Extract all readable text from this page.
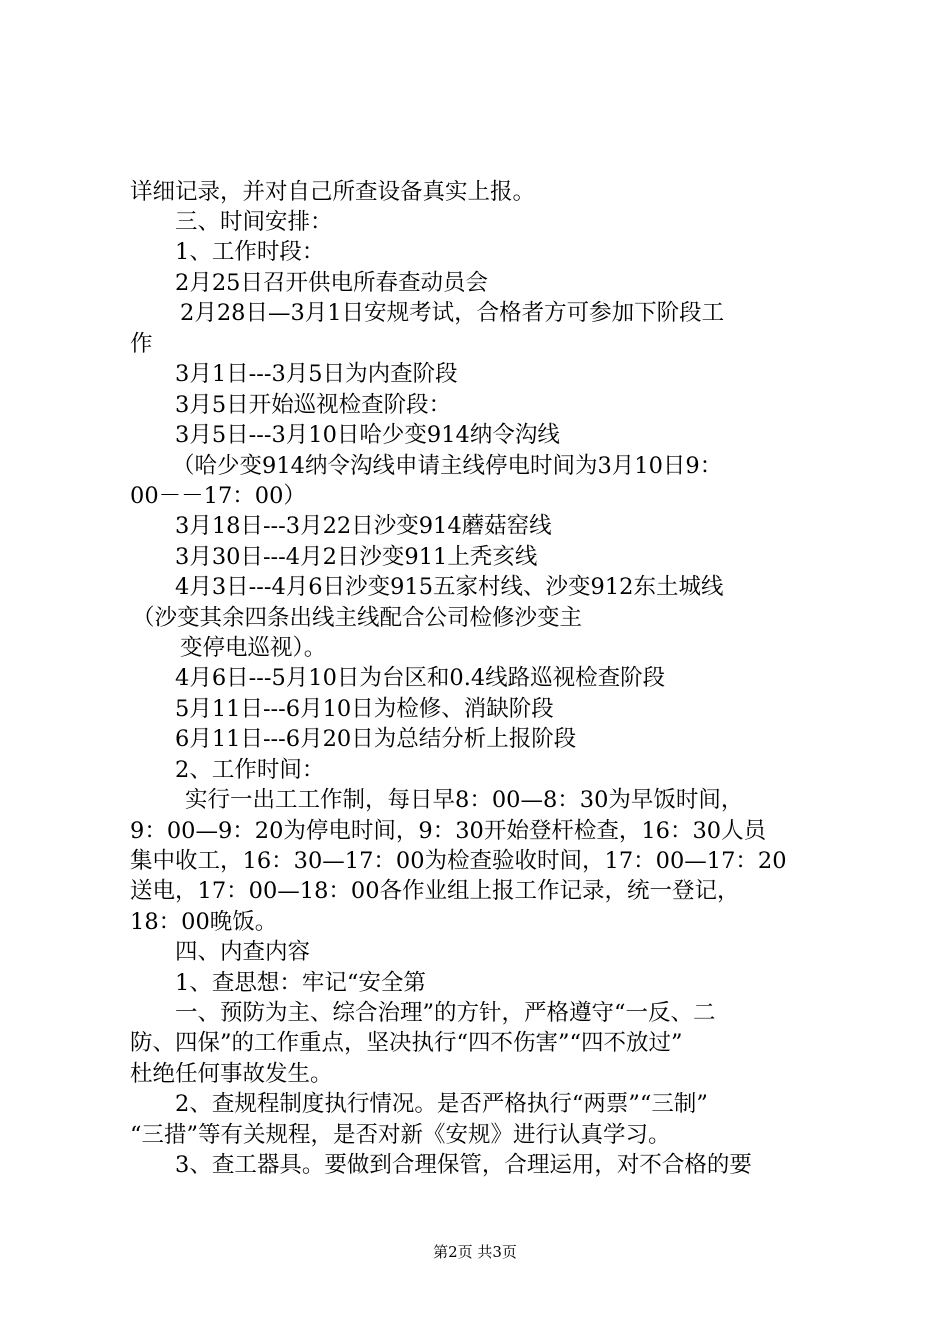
详细记录，并对自己所查设备真实上报。
三、时间安排：
1、工作时段：
2月25日召开供电所春查动员会
2月28日—3月1日安规考试，合格者方可参加下阶段工
作
3月1日---3月5日为内查阶段
3月5日开始巡视检查阶段：
3月5日---3月10日哈少变914纳令沟线
（哈少变914纳令沟线申请主线停电时间为3月10日9：
00－－17：00）
3月18日---3月22日沙变914蘑菇窑线
3月30日---4月2日沙变911上秃亥线
4月3日---4月6日沙变915五家村线、沙变912东土城线
（沙变其余四条出线主线配合公司检修沙变主
变停电巡视）。
4月6日---5月10日为台区和0.4线路巡视检查阶段
5月11日---6月10日为检修、消缺阶段
6月11日---6月20日为总结分析上报阶段
2、工作时间：
实行一出工工作制，每日早8：00—8：30为早饭时间，
9：00—9：20为停电时间，9：30开始登杆检查，16：30人员
集中收工，16：30—17：00为检查验收时间，17：00—17：20
送电，17：00—18：00各作业组上报工作记录，统一登记，
18：00晚饭。
四、内查内容
1、查思想：牢记“安全第
一、预防为主、综合治理”的方针，严格遵守“一反、二
防、四保”的工作重点，坚决执行“四不伤害”“四不放过”
杜绝任何事故发生。
2、查规程制度执行情况。是否严格执行“两票”“三制”
“三措”等有关规程，是否对新《安规》进行认真学习。
3、查工器具。要做到合理保管，合理运用，对不合格的要
第2页 共3页
